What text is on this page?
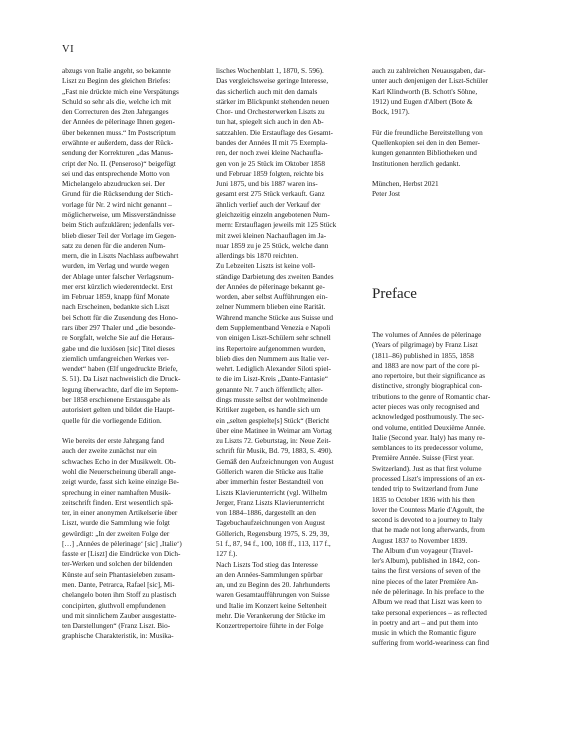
VI
abzugs von Italie angeht, so bekannte
Liszt zu Beginn des gleichen Briefes:
„Fast nie drückte mich eine Verspätungs
Schuld so sehr als die, welche ich mit
den Correcturen des 2ten Jahrganges
der Années de pèlerinage Ihnen gegen-
über bekennen muss.“ Im Postscriptum
erwähnte er außerdem, dass der Rück-
sendung der Korrekturen „das Manus-
cript der No. II. (Penseroso)“ beigefügt
sei und das entsprechende Motto von
Michelangelo abzudrucken sei. Der
Grund für die Rücksendung der Stich-
vorlage für Nr. 2 wird nicht genannt –
möglicherweise, um Missverständnisse
beim Stich aufzuklären; jedenfalls ver-
blieb dieser Teil der Vorlage im Gegen-
satz zu denen für die anderen Num-
mern, die in Liszts Nachlass aufbewahrt
wurden, im Verlag und wurde wegen
der Ablage unter falscher Verlagsnum-
mer erst kürzlich wiederentdeckt. Erst
im Februar 1859, knapp fünf Monate
nach Erscheinen, bedankte sich Liszt
bei Schott für die Zusendung des Hono-
rars über 297 Thaler und „die besonde-
re Sorgfalt, welche Sie auf die Heraus-
gabe und die luxiösen [sic] Titel dieses
ziemlich umfangreichen Werkes ver-
wendet“ haben (Elf ungedruckte Briefe,
S. 51). Da Liszt nachweislich die Druck-
legung überwachte, darf die im Septem-
ber 1858 erschienene Erstausgabe als
autorisiert gelten und bildet die Haupt-
quelle für die vorliegende Edition.
Wie bereits der erste Jahrgang fand
auch der zweite zunächst nur ein
schwaches Echo in der Musikwelt. Ob-
wohl die Neuerscheinung überall ange-
zeigt wurde, fasst sich keine einzige Be-
sprechung in einer namhaften Musik-
zeitschrift finden. Erst wesentlich spä-
ter, in einer anonymen Artikelserie über
Liszt, wurde die Sammlung wie folgt
gewürdigt: „In der zweiten Folge der
[…] ‚Années de pèlerinage‘ [sic] ‚Italie‘)
fasste er [Liszt] die Eindrücke von Dich-
ter-Werken und solchen der bildenden
Künste auf sein Phantasieleben zusam-
men. Dante, Petrarca, Rafael [sic], Mi-
chelangelo boten ihm Stoff zu plastisch
concipirten, gluthvoll empfundenen
und mit sinnlichem Zauber ausgestatte-
ten Darstellungen“ (Franz Liszt. Bio-
graphische Charakteristik, in: Musika-
lisches Wochenblatt 1, 1870, S. 596).
Das vergleichsweise geringe Interesse,
das sicherlich auch mit den damals
stärker im Blickpunkt stehenden neuen
Chor- und Orchesterwerken Liszts zu
tun hat, spiegelt sich auch in den Ab-
satzzahlen. Die Erstauflage des Gesamt-
bandes der Années II mit 75 Exempla-
ren, der noch zwei kleine Nachaufla-
gen von je 25 Stück im Oktober 1858
und Februar 1859 folgten, reichte bis
Juni 1875, und bis 1887 waren ins-
gesamt erst 275 Stück verkauft. Ganz
ähnlich verlief auch der Verkauf der
gleichzeitig einzeln angebotenen Num-
mern: Erstauflagen jeweils mit 125 Stück
mit zwei kleinen Nachauflagen im Ja-
nuar 1859 zu je 25 Stück, welche dann
allerdings bis 1870 reichten.
Zu Lebzeiten Liszts ist keine voll-
ständige Darbietung des zweiten Bandes
der Années de pèlerinage bekannt ge-
worden, aber selbst Aufführungen ein-
zelner Nummern blieben eine Rarität.
Während manche Stücke aus Suisse und
dem Supplementband Venezia e Napoli
von einigen Liszt-Schülern sehr schnell
ins Repertoire aufgenommen wurden,
blieb dies den Nummern aus Italie ver-
wehrt. Lediglich Alexander Siloti spiel-
te die im Liszt-Kreis „Dante-Fantasie“
genannte Nr. 7 auch öffentlich; aller-
dings musste selbst der wohlmeinende
Kritiker zugeben, es handle sich um
ein „selten gespielte[s] Stück“ (Bericht
über eine Matinee in Weimar am Vortag
zu Liszts 72. Geburtstag, in: Neue Zeit-
schrift für Musik, Bd. 79, 1883, S. 490).
Gemäß den Aufzeichnungen von August
Göllerich waren die Stücke aus Italie
aber immerhin fester Bestandteil von
Liszts Klavierunterricht (vgl. Wilhelm
Jerger, Franz Liszts Klavierunterricht
von 1884–1886, dargestellt an den
Tagebuchaufzeichnungen von August
Göllerich, Regensburg 1975, S. 29, 39,
51 f., 87, 94 f., 100, 108 ff., 113, 117 f.,
127 f.).
Nach Liszts Tod stieg das Interesse
an den Années-Sammlungen spürbar
an, und zu Beginn des 20. Jahrhunderts
waren Gesamtaufführungen von Suisse
und Italie im Konzert keine Seltenheit
mehr. Die Verankerung der Stücke im
Konzertrepertoire führte in der Folge
auch zu zahlreichen Neuausgaben, dar-
unter auch denjenigen der Liszt-Schüler
Karl Klindworth (B. Schott's Söhne,
1912) und Eugen d'Albert (Bote &
Bock, 1917).
Für die freundliche Bereitstellung von
Quellenkopien sei den in den Bemer-
kungen genannten Bibliotheken und
Institutionen herzlich gedankt.
München, Herbst 2021
Peter Jost
Preface
The volumes of Années de pèlerinage
(Years of pilgrimage) by Franz Liszt
(1811–86) published in 1855, 1858
and 1883 are now part of the core pi-
ano repertoire, but their significance as
distinctive, strongly biographical con-
tributions to the genre of Romantic char-
acter pieces was only recognised and
acknowledged posthumously. The sec-
ond volume, entitled Deuxième Année.
Italie (Second year. Italy) has many re-
semblances to its predecessor volume,
Première Année. Suisse (First year.
Switzerland). Just as that first volume
processed Liszt's impressions of an ex-
tended trip to Switzerland from June
1835 to October 1836 with his then
lover the Countess Marie d'Agoult, the
second is devoted to a journey to Italy
that he made not long afterwards, from
August 1837 to November 1839.
The Album d'un voyageur (Travel-
ler's Album), published in 1842, con-
tains the first versions of seven of the
nine pieces of the later Première An-
née de pèlerinage. In his preface to the
Album we read that Liszt was keen to
take personal experiences – as reflected
in poetry and art – and put them into
music in which the Romantic figure
suffering from world-weariness can find
